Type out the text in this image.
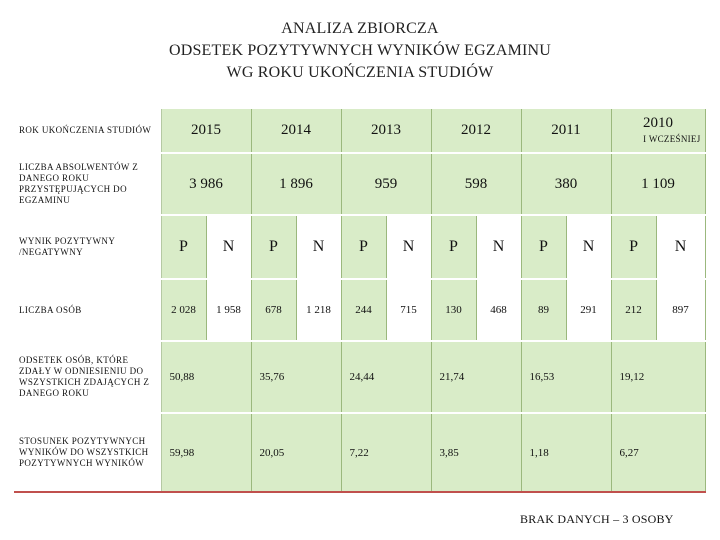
ANALIZA ZBIORCZA
ODSETEK POZYTYWNYCH WYNIKÓW EGZAMINU
WG ROKU UKOŃCZENIA STUDIÓW
ROK UKOŃCZENIA STUDIÓW	2015		2014		2013		2012		2011		2010
I WCZEŚNIEJ	

LICZBA ABSOLWENTÓW Z DANEGO ROKU PRZYSTĘPUJĄCYCH DO EGZAMINU	3 986		1 896		959		598		380		1 109	
WYNIK POZYTYWNY /NEGATYWNY	P	N	P	N	P	N	P	N	P	N	P	N
LICZBA OSÓB	2 028	1 958	678	1 218	244	715	130	468	89	291	212	897
ODSETEK OSÓB, KTÓRE ZDAŁY W ODNIESIENIU DO WSZYSTKICH ZDAJĄCYCH Z DANEGO ROKU	50,88		35,76		24,44		21,74		16,53		19,12	
STOSUNEK POZYTYWNYCH WYNIKÓW DO WSZYSTKICH POZYTYWNYCH WYNIKÓW	59,98		20,05		7,22		3,85		1,18		6,27	
BRAK DANYCH – 3 OSOBY
